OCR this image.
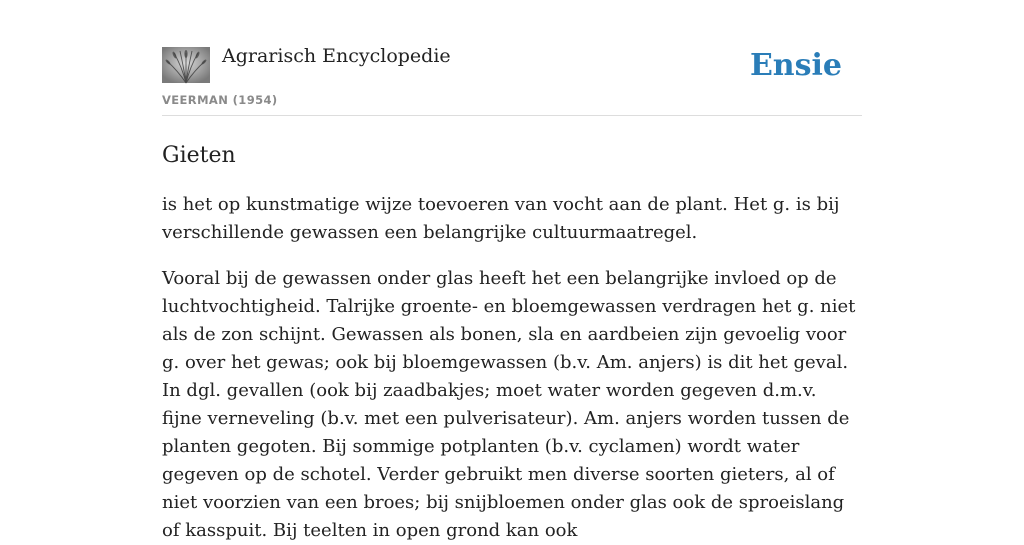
Agrarisch Encyclopedie
VEERMAN (1954)
Ensie
Gieten

is het op kunstmatige wijze toevoeren van vocht aan de plant. Het g. is bij verschillende gewassen een belangrijke cultuurmaatregel.

Vooral bij de gewassen onder glas heeft het een belangrijke invloed op de luchtvochtigheid. Talrijke groente- en bloemgewassen verdragen het g. niet als de zon schijnt. Gewassen als bonen, sla en aardbeien zijn gevoelig voor g. over het gewas; ook bij bloemgewassen (b.v. Am. anjers) is dit het geval. In dgl. gevallen (ook bij zaadbakjes; moet water worden gegeven d.m.v. fijne verneveling (b.v. met een pulverisateur). Am. anjers worden tussen de planten gegoten. Bij sommige potplanten (b.v. cyclamen) wordt water gegeven op de schotel. Verder gebruikt men diverse soorten gieters, al of niet voorzien van een broes; bij snijbloemen onder glas ook de sproeislang of kasspuit. Bij teelten in open grond kan ook
